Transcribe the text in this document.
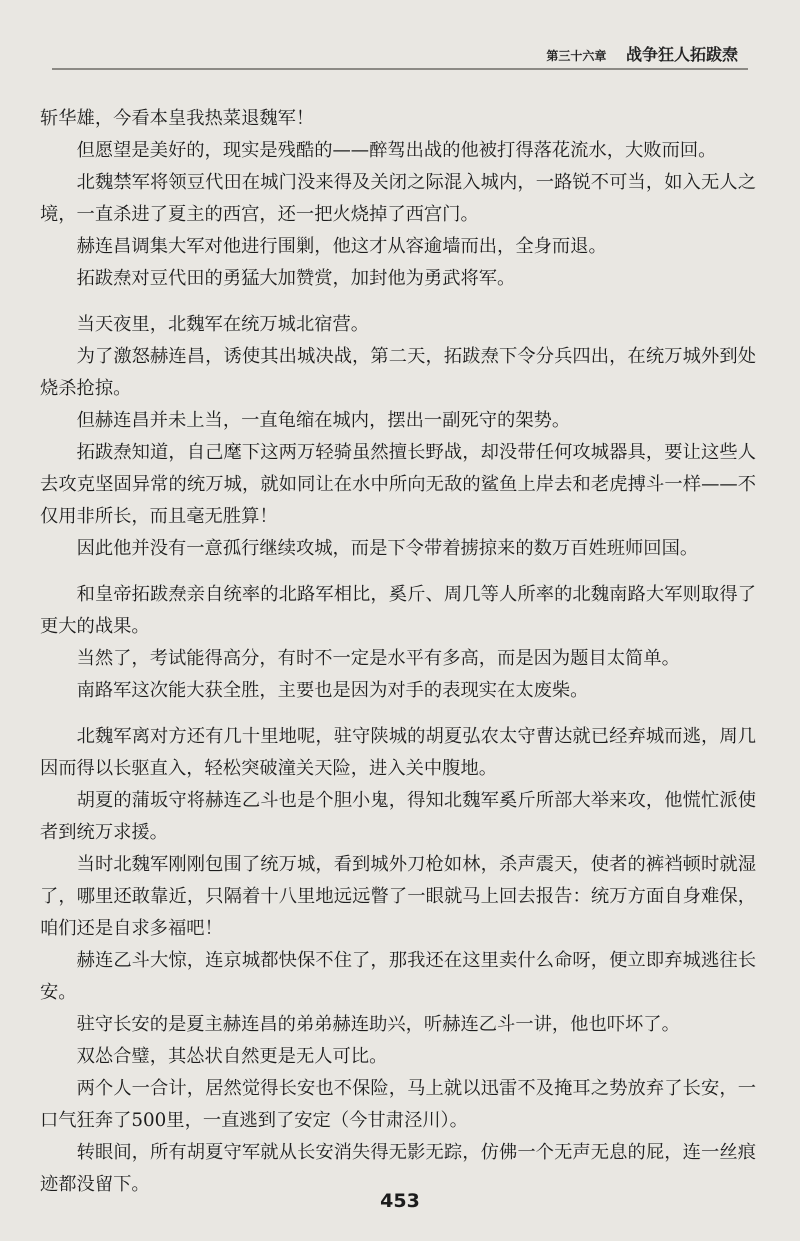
第三十六章 战争狂人拓跋焘

斩华雄，今看本皇我热菜退魏军！

但愿望是美好的，现实是残酷的——醉驾出战的他被打得落花流水，大败而回。

北魏禁军将领豆代田在城门没来得及关闭之际混入城内，一路锐不可当，如入无人之境，一直杀进了夏主的西宫，还一把火烧掉了西宫门。

赫连昌调集大军对他进行围剿，他这才从容逾墙而出，全身而退。

拓跋焘对豆代田的勇猛大加赞赏，加封他为勇武将军。

当天夜里，北魏军在统万城北宿营。

为了激怒赫连昌，诱使其出城决战，第二天，拓跋焘下令分兵四出，在统万城外到处烧杀抢掠。

但赫连昌并未上当，一直龟缩在城内，摆出一副死守的架势。

拓跋焘知道，自己麾下这两万轻骑虽然擅长野战，却没带任何攻城器具，要让这些人去攻克坚固异常的统万城，就如同让在水中所向无敌的鲨鱼上岸去和老虎搏斗一样——不仅用非所长，而且毫无胜算！

因此他并没有一意孤行继续攻城，而是下令带着掳掠来的数万百姓班师回国。

和皇帝拓跋焘亲自统率的北路军相比，奚斤、周几等人所率的北魏南路大军则取得了更大的战果。

当然了，考试能得高分，有时不一定是水平有多高，而是因为题目太简单。

南路军这次能大获全胜，主要也是因为对手的表现实在太废柴。

北魏军离对方还有几十里地呢，驻守陕城的胡夏弘农太守曹达就已经弃城而逃，周几因而得以长驱直入，轻松突破潼关天险，进入关中腹地。

胡夏的蒲坂守将赫连乙斗也是个胆小鬼，得知北魏军奚斤所部大举来攻，他慌忙派使者到统万求援。

当时北魏军刚刚包围了统万城，看到城外刀枪如林，杀声震天，使者的裤裆顿时就湿了，哪里还敢靠近，只隔着十八里地远远瞥了一眼就马上回去报告：统万方面自身难保，咱们还是自求多福吧！

赫连乙斗大惊，连京城都快保不住了，那我还在这里卖什么命呀，便立即弃城逃往长安。

驻守长安的是夏主赫连昌的弟弟赫连助兴，听赫连乙斗一讲，他也吓坏了。

双怂合璧，其怂状自然更是无人可比。

两个人一合计，居然觉得长安也不保险，马上就以迅雷不及掩耳之势放弃了长安，一口气狂奔了500里，一直逃到了安定（今甘肃泾川）。

转眼间，所有胡夏守军就从长安消失得无影无踪，仿佛一个无声无息的屁，连一丝痕迹都没留下。

453
